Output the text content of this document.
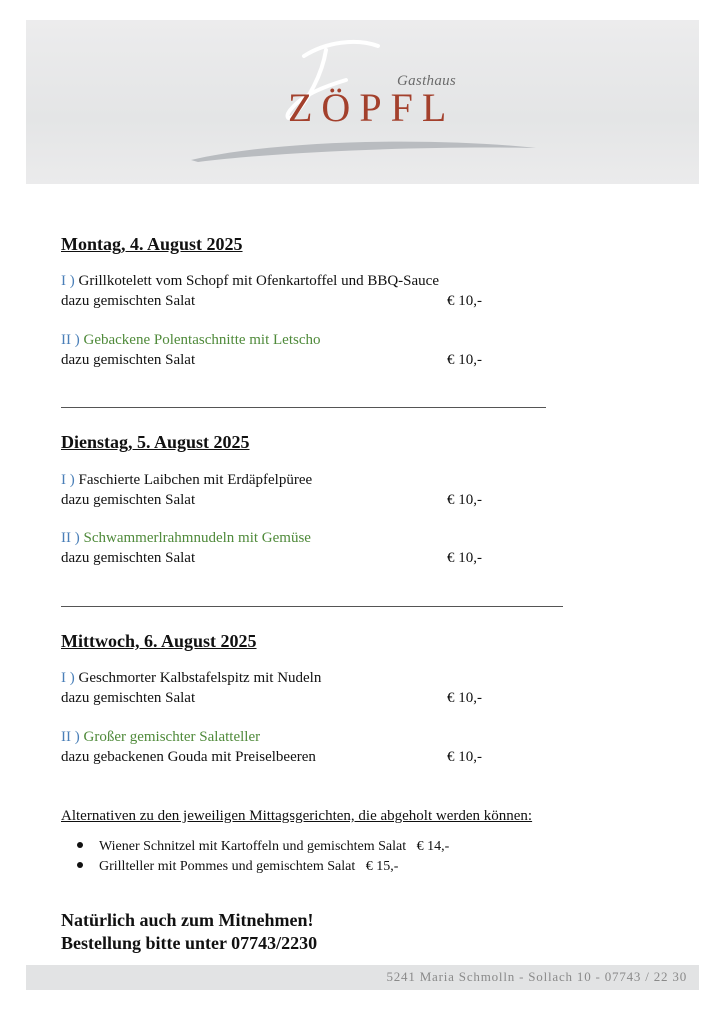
Gasthaus
ZÖPFL
Montag, 4. August 2025
I ) Grillkotelett vom Schopf mit Ofenkartoffel und BBQ-Sauce
dazu gemischten Salat	€ 10,-
II ) Gebackene Polentaschnitte mit Letscho
dazu gemischten Salat	€ 10,-
Dienstag, 5. August 2025
I ) Faschierte Laibchen mit Erdäpfelpüree
dazu gemischten Salat	€ 10,-
II ) Schwammerlrahmnudeln mit Gemüse
dazu gemischten Salat	€ 10,-
Mittwoch, 6. August 2025
I ) Geschmorter Kalbstafelspitz mit Nudeln
dazu gemischten Salat	€ 10,-
II ) Großer gemischter Salatteller
dazu gebackenen Gouda mit Preiselbeeren	€ 10,-
Alternativen zu den jeweiligen Mittagsgerichten, die abgeholt werden können:
Wiener Schnitzel mit Kartoffeln und gemischtem Salat   € 14,-
Grillteller mit Pommes und gemischtem Salat   € 15,-
Natürlich auch zum Mitnehmen!
Bestellung bitte unter 07743/2230
5241 Maria Schmolln - Sollach 10 - 07743 / 22 30
